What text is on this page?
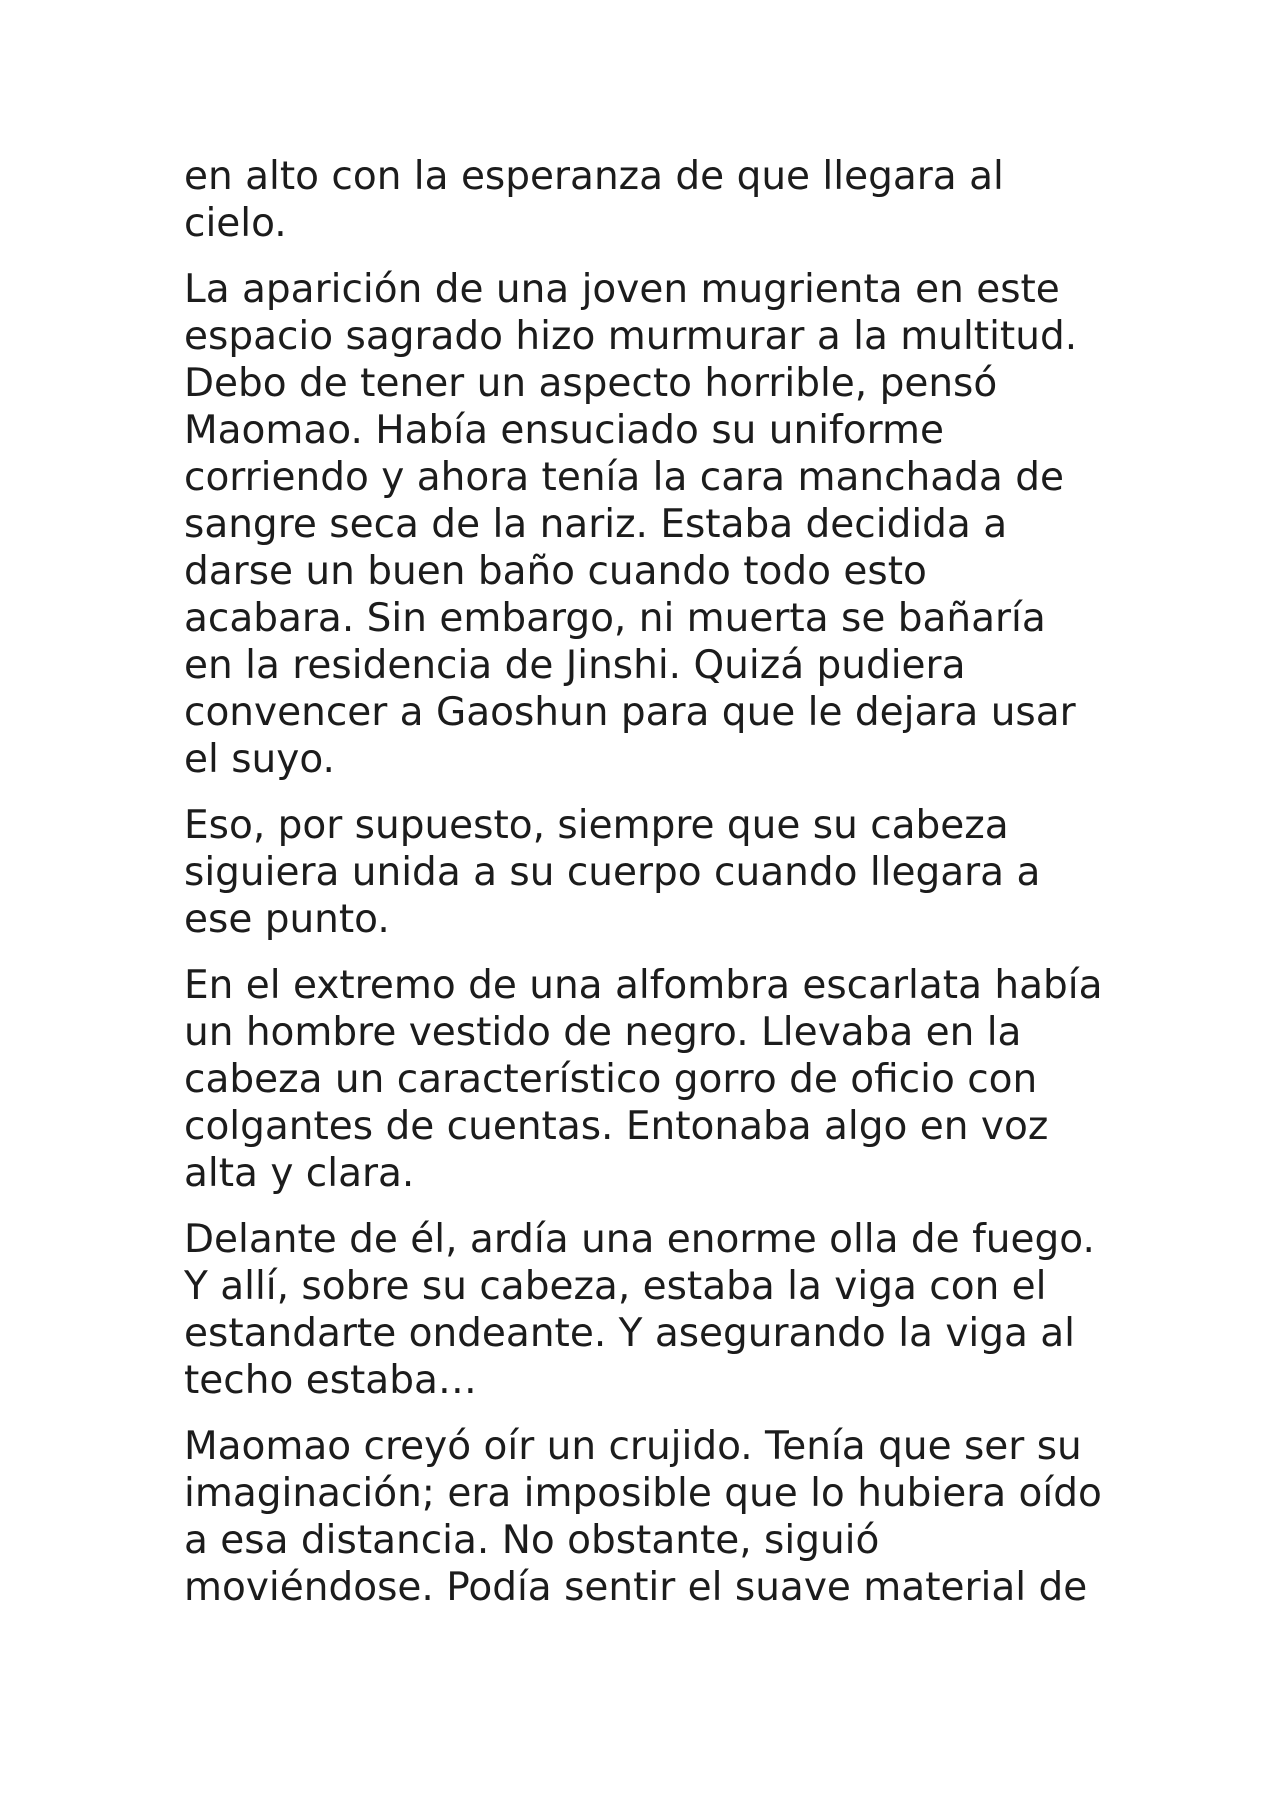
en alto con la esperanza de que llegara al
cielo.

La aparición de una joven mugrienta en este
espacio sagrado hizo murmurar a la multitud.
Debo de tener un aspecto horrible, pensó
Maomao. Había ensuciado su uniforme
corriendo y ahora tenía la cara manchada de
sangre seca de la nariz. Estaba decidida a
darse un buen baño cuando todo esto
acabara. Sin embargo, ni muerta se bañaría
en la residencia de Jinshi. Quizá pudiera
convencer a Gaoshun para que le dejara usar
el suyo.

Eso, por supuesto, siempre que su cabeza
siguiera unida a su cuerpo cuando llegara a
ese punto.

En el extremo de una alfombra escarlata había
un hombre vestido de negro. Llevaba en la
cabeza un característico gorro de oficio con
colgantes de cuentas. Entonaba algo en voz
alta y clara.

Delante de él, ardía una enorme olla de fuego.
Y allí, sobre su cabeza, estaba la viga con el
estandarte ondeante. Y asegurando la viga al
techo estaba…

Maomao creyó oír un crujido. Tenía que ser su
imaginación; era imposible que lo hubiera oído
a esa distancia. No obstante, siguió
moviéndose. Podía sentir el suave material de
